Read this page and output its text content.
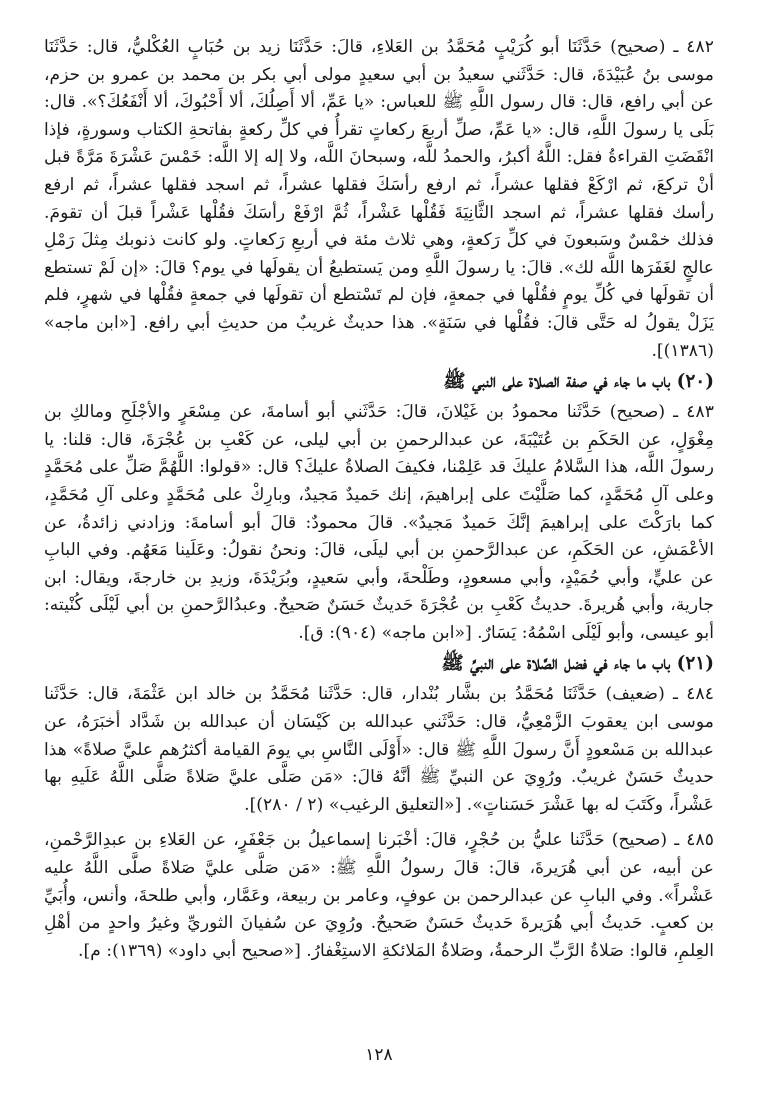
٤٨٢ ـ (صحيح) حَدَّثَنَا أبو كُرَيْبٍ مُحَمَّدُ بن العَلاءِ، قالَ: حَدَّثَنَا زيد بن حُبَابٍ العُكْليُّ، قال: حَدَّثَنَا موسى بنُ عُبَيْدَةَ، قال: حَدَّثَني سعيدُ بن أبي سعيدٍ مولى أبي بكر بن محمد بن عمرو بن حزم، عن أبي رافع، قال: قال رسول اللَّهِ ﷺ للعباس: «يا عَمِّ، ألا أَصِلُكَ، ألا أَحْبُوكَ، ألا أَنْفَعُكَ؟». قال: بَلَى يا رسولَ اللَّهِ، قال: «يا عَمِّ، صلِّ أربعَ ركعاتٍ تقرأُ في كلِّ ركعةٍ بفاتحةِ الكتاب وسورةٍ، فإذا انْقَضَتِ القراءةُ فقل: اللَّهُ أكبرُ، والحمدُ للَّه، وسبحانَ اللَّه، ولا إله إلا اللَّه: خَمْسَ عَشْرَةَ مَرَّةً قبل أنْ تركعَ، ثم ارْكَعْ فقلها عشراً، ثم ارفع رأسَكَ فقلها عشراً، ثم اسجد فقلها عشراً، ثم ارفع رأسك فقلها عشراً، ثم اسجد الثَّانِيَةَ فَقُلْها عَشْراً، ثُمَّ ارْفَعْ رأسَكَ فقُلْها عَشْراً قبلَ أن تقومَ. فذلك خمْسٌ وسَبعونَ في كلِّ رَكعةٍ، وهي ثلاث مئة في أربعِ رَكعاتٍ. ولو كانت ذنوبك مِثلَ رَمْلِ عالجٍ لغَفَرَها اللَّه لك». قالَ: يا رسولَ اللَّهِ ومن يَستطيعُ أن يقولَها في يوم؟ قالَ: «إن لَمْ تستطع أن تقولَها في كُلِّ يومٍ فقُلْها في جمعةٍ، فإن لم تَسْتطع أن تقولَها في جمعةٍ فقُلْها في شهرٍ، فلم يَزَلْ يقولُ له حَتَّى قالَ: فقُلْها في سَنَةٍ». هذا حديثٌ غريبٌ من حديثِ أبي رافع. [«ابن ماجه» (١٣٨٦)].

(٢٠) باب ما جاء في صفة الصلاة على النبي ﷺ

٤٨٣ ـ (صحيح) حَدَّثَنا محمودُ بن غَيْلانَ، قالَ: حَدَّثَني أبو أسامةَ، عن مِسْعَرٍ والأجْلَحِ ومالكِ بن مِغْوَلٍ، عن الحَكَمِ بن عُتَيْبَةَ، عن عبدالرحمنِ بن أبي ليلى، عن كَعْبِ بن عُجْرَةَ، قال: قلنا: يا رسولَ اللَّه، هذا السَّلامُ عليكَ قد عَلِمْنا، فكيفَ الصلاةُ عليكَ؟ قال: «قولوا: اللَّهُمَّ صَلِّ على مُحَمَّدٍ وعلى آلِ مُحَمَّدٍ، كما صَلَّيْتَ على إبراهيمَ، إنك حَميدٌ مَجيدٌ، وبارِكْ على مُحَمَّدٍ وعلى آلِ مُحَمَّدٍ، كما بارَكْتَ على إبراهيمَ إنَّكَ حَميدٌ مَجيدٌ». قالَ محمودٌ: قالَ أبو أسامةَ: وزادني زائدةُ، عن الأعْمَشِ، عن الحَكَمِ، عن عبدالرَّحمنِ بن أبي ليلَى، قالَ: ونحنُ نقولُ: وعَلَينا مَعَهُم. وفي البابِ عن عليٍّ، وأبي حُمَيْدٍ، وأبي مسعودٍ، وطَلْحةَ، وأبي سَعيدٍ، وبُرَيْدَةَ، وزيدِ بن خارجةَ، ويقال: ابن جارية، وأبي هُريرةَ. حديثُ كَعْبِ بن عُجْرَةَ حَديثٌ حَسَنٌ صَحيحٌ. وعبدُالرَّحمنِ بن أبي لَيْلَى كُنْيته: أبو عيسى، وأبو لَيْلَى اسْمُهُ: يَسَارٌ. [«ابن ماجه» (٩٠٤): ق].

(٢١) باب ما جاء في فضل الصَّلاة على النبيِّ ﷺ

٤٨٤ ـ (ضعيف) حَدَّثَنَا مُحَمَّدُ بن بشَّار بُنْدار، قال: حَدَّثَنا مُحَمَّدُ بن خالد ابن عَثْمَةَ، قال: حَدَّثَنا موسى ابن يعقوبَ الزَّمْعِيُّ، قال: حَدَّثَني عبدالله بن كَيْسَان أن عبدالله بن شَدَّاد أخبَرَهُ، عن عبدالله بن مَسْعودٍ أَنَّ رسولَ اللَّهِ ﷺ قال: «أَوْلَى النَّاسِ بي يومَ القيامة أكثرُهم عليَّ صلاةً» هذا حديثٌ حَسَنٌ غريبٌ. ورُوِيَ عن النبيِّ ﷺ أنَّهُ قالَ: «مَن صَلَّى عليَّ صَلاةً صَلَّى اللَّهُ عَلَيهِ بها عَشْراً، وكَتَبَ له بها عَشْرَ حَسَناتٍ». [«التعليق الرغيب» (٢ / ٢٨٠)].

٤٨٥ ـ (صحيح) حَدَّثَنا عليُّ بن حُجْرٍ، قالَ: أخْبَرنا إسماعيلُ بن جَعْفَرٍ، عن العَلاءِ بن عبدِالرَّحْمنِ، عن أبيه، عن أبي هُرَيرةَ، قالَ: قالَ رسولُ اللَّهِ ﷺ: «مَن صَلَّى عليَّ صَلاةً صلَّى اللَّهُ عليه عَشْراً». وفي البابِ عن عبدالرحمن بن عوفٍ، وعامر بن ربيعة، وعَمَّار، وأبي طلحةَ، وأنس، وأُبَيِّ بن كعبٍ. حَديثُ أبي هُرَيرةَ حَديثٌ حَسَنٌ صَحيحٌ. ورُوِيَ عن سُفيانَ الثوريِّ وغيرُ واحدٍ من أهْلِ العِلمِ، قالوا: صَلاةُ الرَّبِّ الرحمةُ، وصَلاةُ المَلائكةِ الاستِغْفارُ. [«صحيح أبي داود» (١٣٦٩): م].

١٢٨
